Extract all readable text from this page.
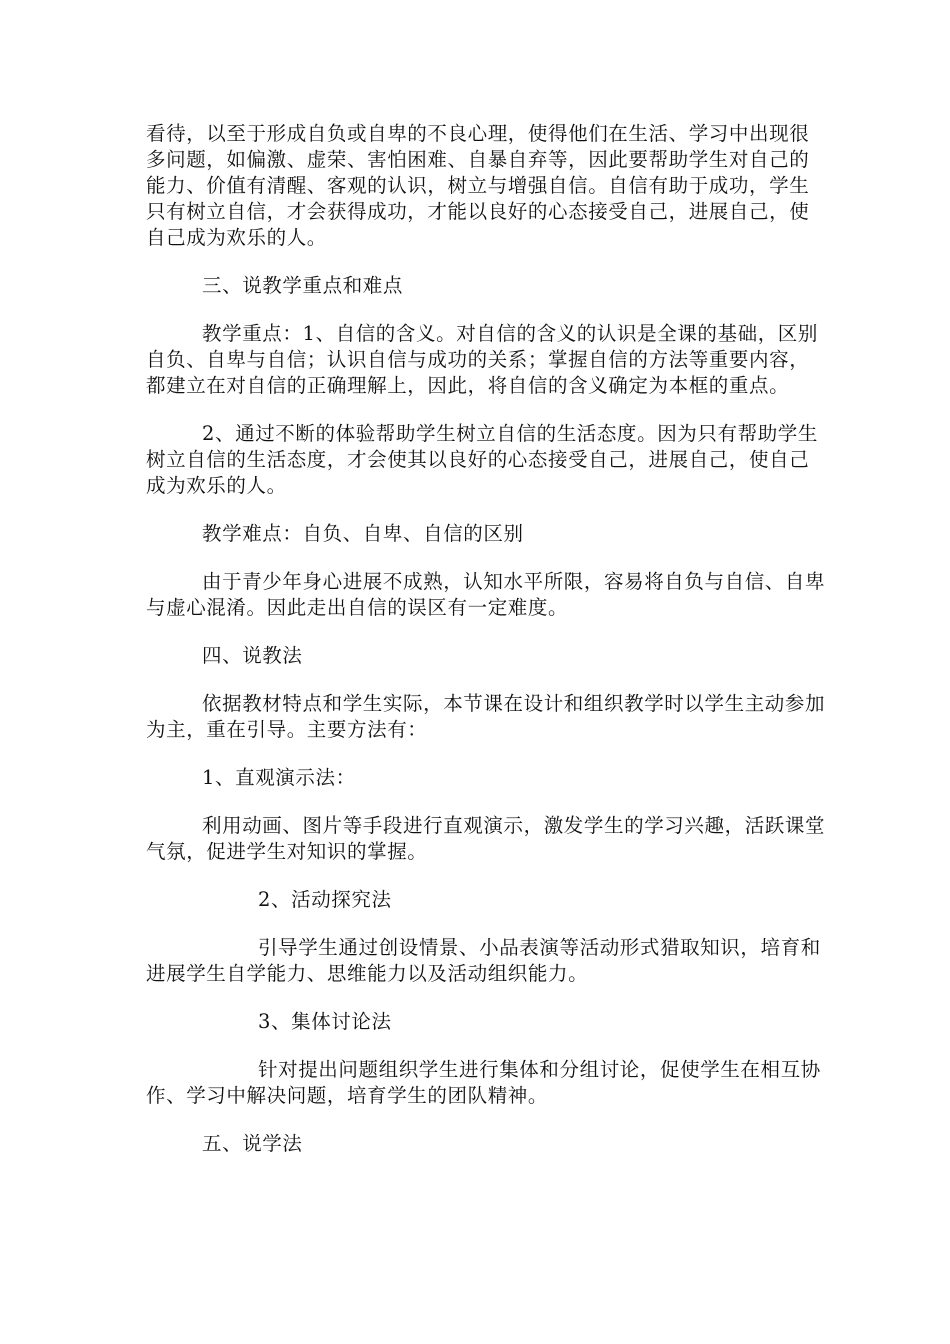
看待，以至于形成自负或自卑的不良心理，使得他们在生活、学习中出现很多问题，如偏激、虚荣、害怕困难、自暴自弃等，因此要帮助学生对自己的能力、价值有清醒、客观的认识，树立与增强自信。自信有助于成功，学生只有树立自信，才会获得成功，才能以良好的心态接受自己，进展自己，使自己成为欢乐的人。

三、说教学重点和难点

教学重点：1、自信的含义。对自信的含义的认识是全课的基础，区别自负、自卑与自信；认识自信与成功的关系；掌握自信的方法等重要内容，都建立在对自信的正确理解上，因此，将自信的含义确定为本框的重点。

2、通过不断的体验帮助学生树立自信的生活态度。因为只有帮助学生树立自信的生活态度，才会使其以良好的心态接受自己，进展自己，使自己成为欢乐的人。

教学难点：自负、自卑、自信的区别

由于青少年身心进展不成熟，认知水平所限，容易将自负与自信、自卑与虚心混淆。因此走出自信的误区有一定难度。

四、说教法

依据教材特点和学生实际，本节课在设计和组织教学时以学生主动参加为主，重在引导。主要方法有：

1、直观演示法：

利用动画、图片等手段进行直观演示，激发学生的学习兴趣，活跃课堂气氛，促进学生对知识的掌握。

2、活动探究法

引导学生通过创设情景、小品表演等活动形式猎取知识，培育和进展学生自学能力、思维能力以及活动组织能力。

3、集体讨论法

针对提出问题组织学生进行集体和分组讨论，促使学生在相互协作、学习中解决问题，培育学生的团队精神。

五、说学法
